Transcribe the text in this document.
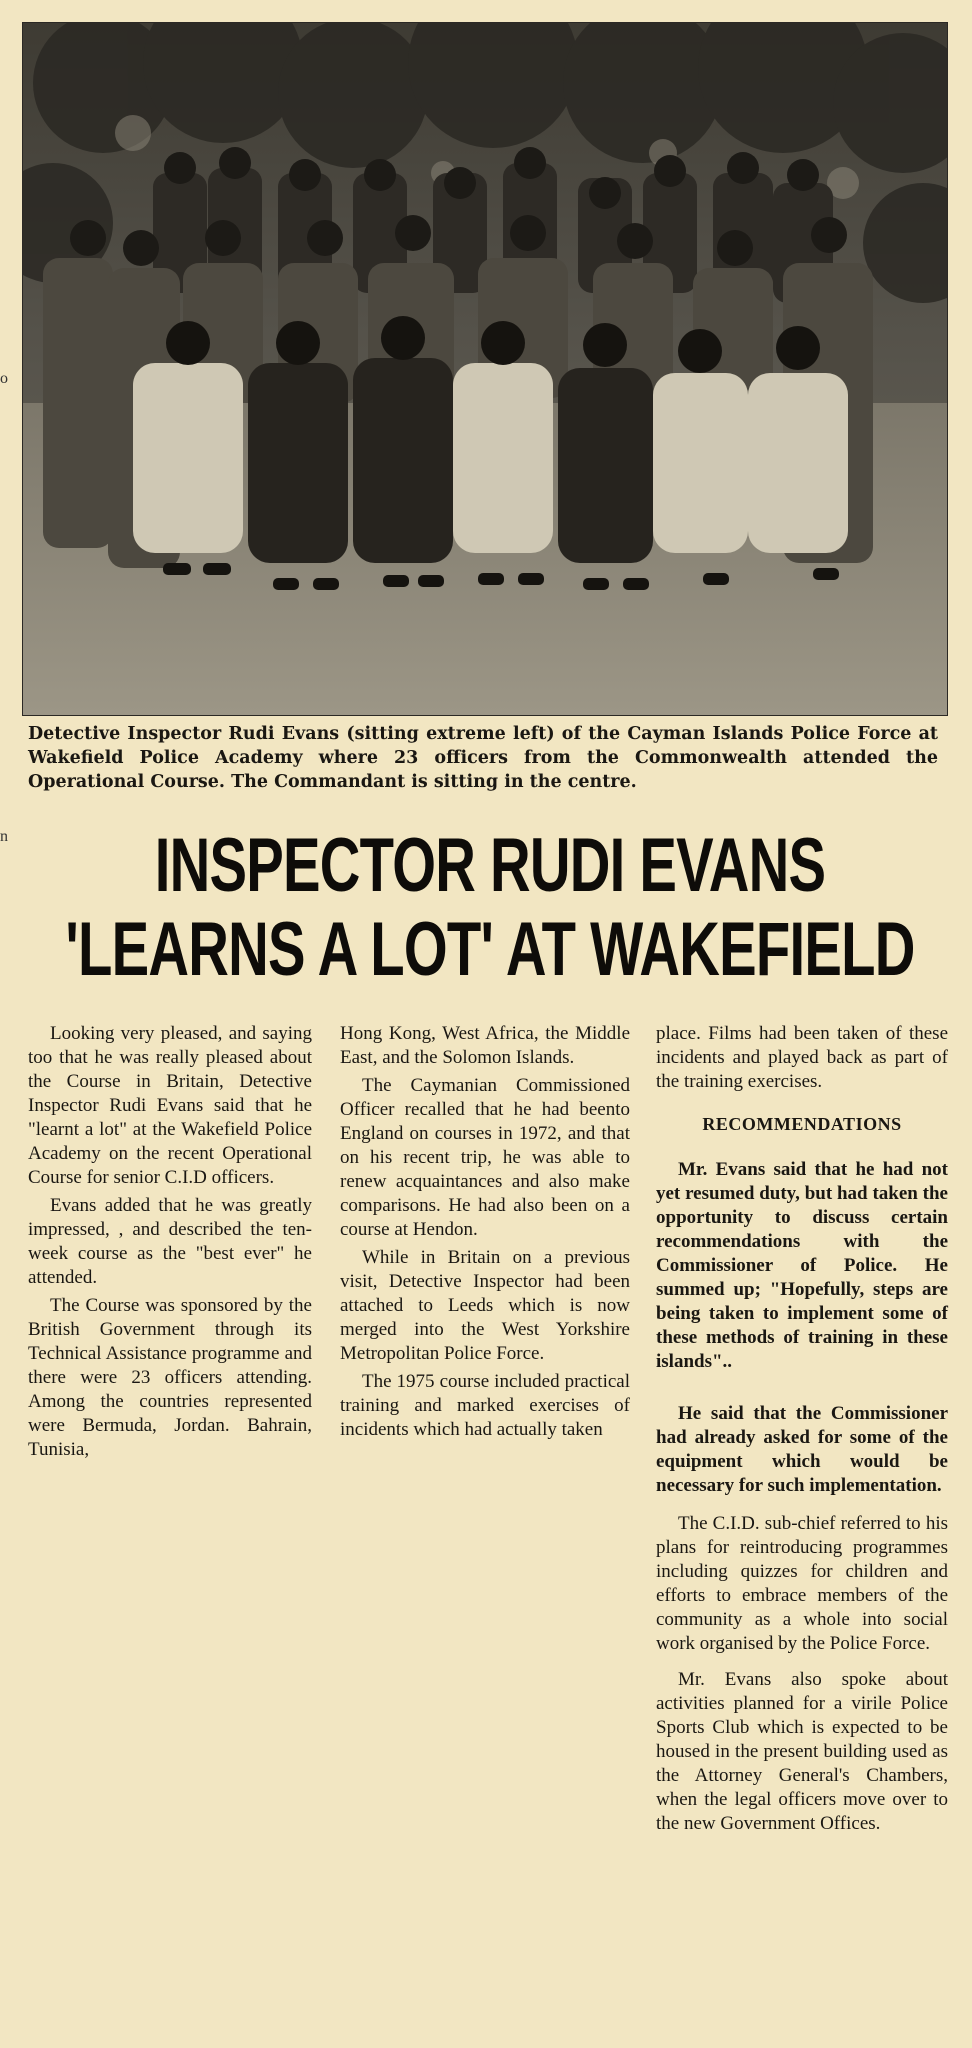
o
n
Detective Inspector Rudi Evans (sitting extreme left) of the Cayman Islands Police Force at Wakefield Police Academy where 23 officers from the Commonwealth attended the Operational Course. The Commandant is sitting in the centre.
INSPECTOR RUDI EVANS
'LEARNS A LOT' AT WAKEFIELD

Looking very pleased, and saying too that he was really pleased about the Course in Britain, Detective Inspector Rudi Evans said that he "learnt a lot" at the Wakefield Police Academy on the recent Operational Course for senior C.I.D officers.

Evans added that he was greatly impressed, , and described the ten-week course as the "best ever" he attended.

The Course was sponsored by the British Government through its Technical Assistance programme and there were 23 officers attending. Among the countries represented were Bermuda, Jordan. Bahrain, Tunisia,

Hong Kong, West Africa, the Middle East, and the Solomon Islands.

The Caymanian Commissioned Officer recalled that he had beento England on courses in 1972, and that on his recent trip, he was able to renew acquaintances and also make comparisons. He had also been on a course at Hendon.

While in Britain on a previous visit, Detective Inspector had been attached to Leeds which is now merged into the West Yorkshire Metropolitan Police Force.

The 1975 course included practical training and marked exercises of incidents which had actually taken

place. Films had been taken of these incidents and played back as part of the training exercises.

RECOMMENDATIONS

Mr. Evans said that he had not yet resumed duty, but had taken the opportunity to discuss certain recommendations with the Commissioner of Police. He summed up; "Hopefully, steps are being taken to implement some of these methods of training in these islands"..

He said that the Commissioner had already asked for some of the equipment which would be necessary for such implementation.

The C.I.D. sub-chief referred to his plans for reintroducing programmes including quizzes for children and efforts to embrace members of the community as a whole into social work organised by the Police Force.

Mr. Evans also spoke about activities planned for a virile Police Sports Club which is expected to be housed in the present building used as the Attorney General's Chambers, when the legal officers move over to the new Government Offices.
